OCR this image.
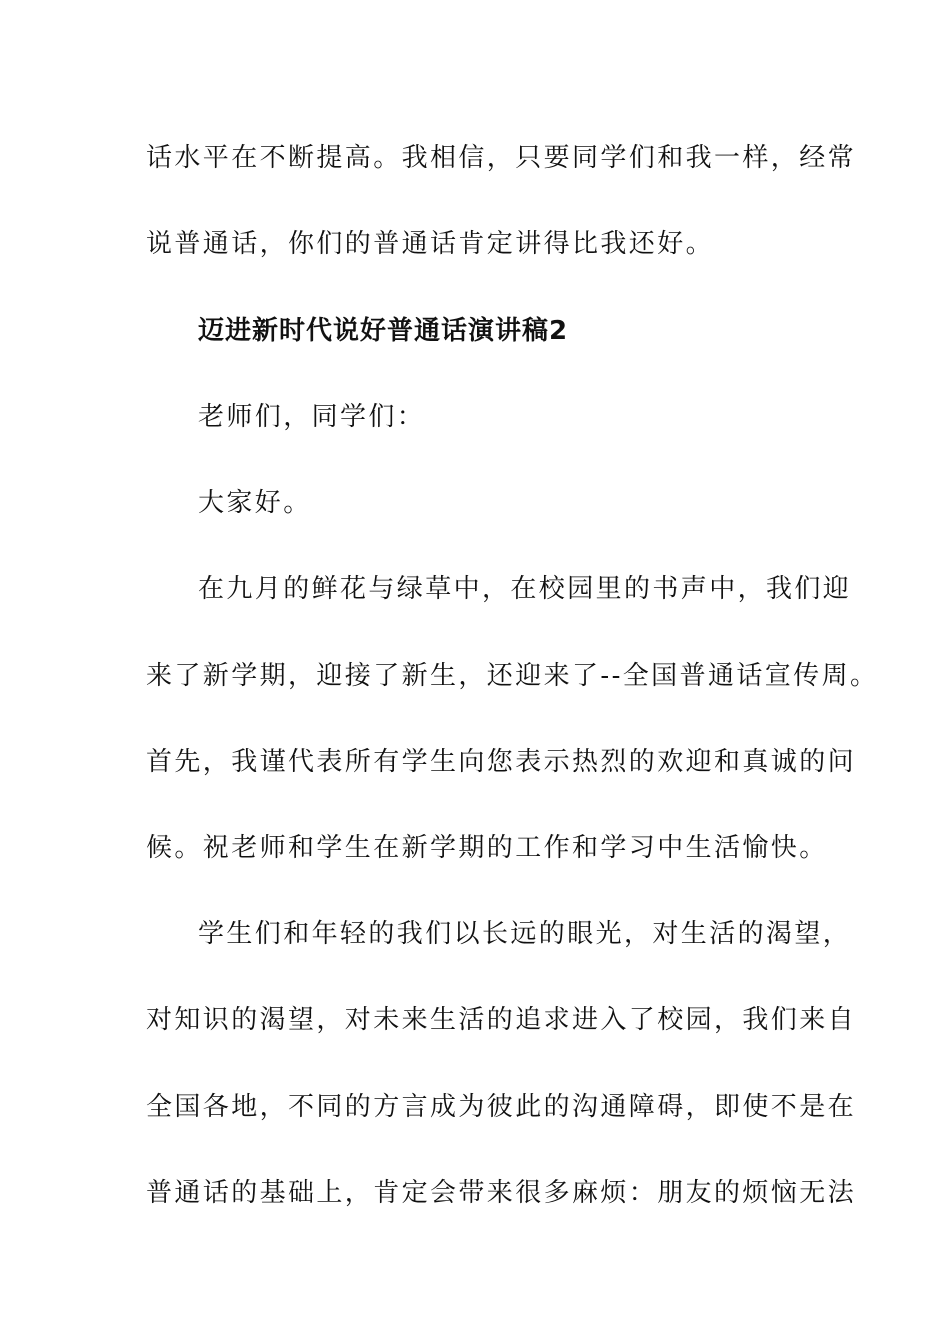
话水平在不断提高。我相信，只要同学们和我一样，经常
说普通话，你们的普通话肯定讲得比我还好。
迈进新时代说好普通话演讲稿2
老师们，同学们：
大家好。
在九月的鲜花与绿草中，在校园里的书声中，我们迎
来了新学期，迎接了新生，还迎来了--全国普通话宣传周。
首先，我谨代表所有学生向您表示热烈的欢迎和真诚的问
候。祝老师和学生在新学期的工作和学习中生活愉快。
学生们和年轻的我们以长远的眼光，对生活的渴望，
对知识的渴望，对未来生活的追求进入了校园，我们来自
全国各地，不同的方言成为彼此的沟通障碍，即使不是在
普通话的基础上，肯定会带来很多麻烦：朋友的烦恼无法
